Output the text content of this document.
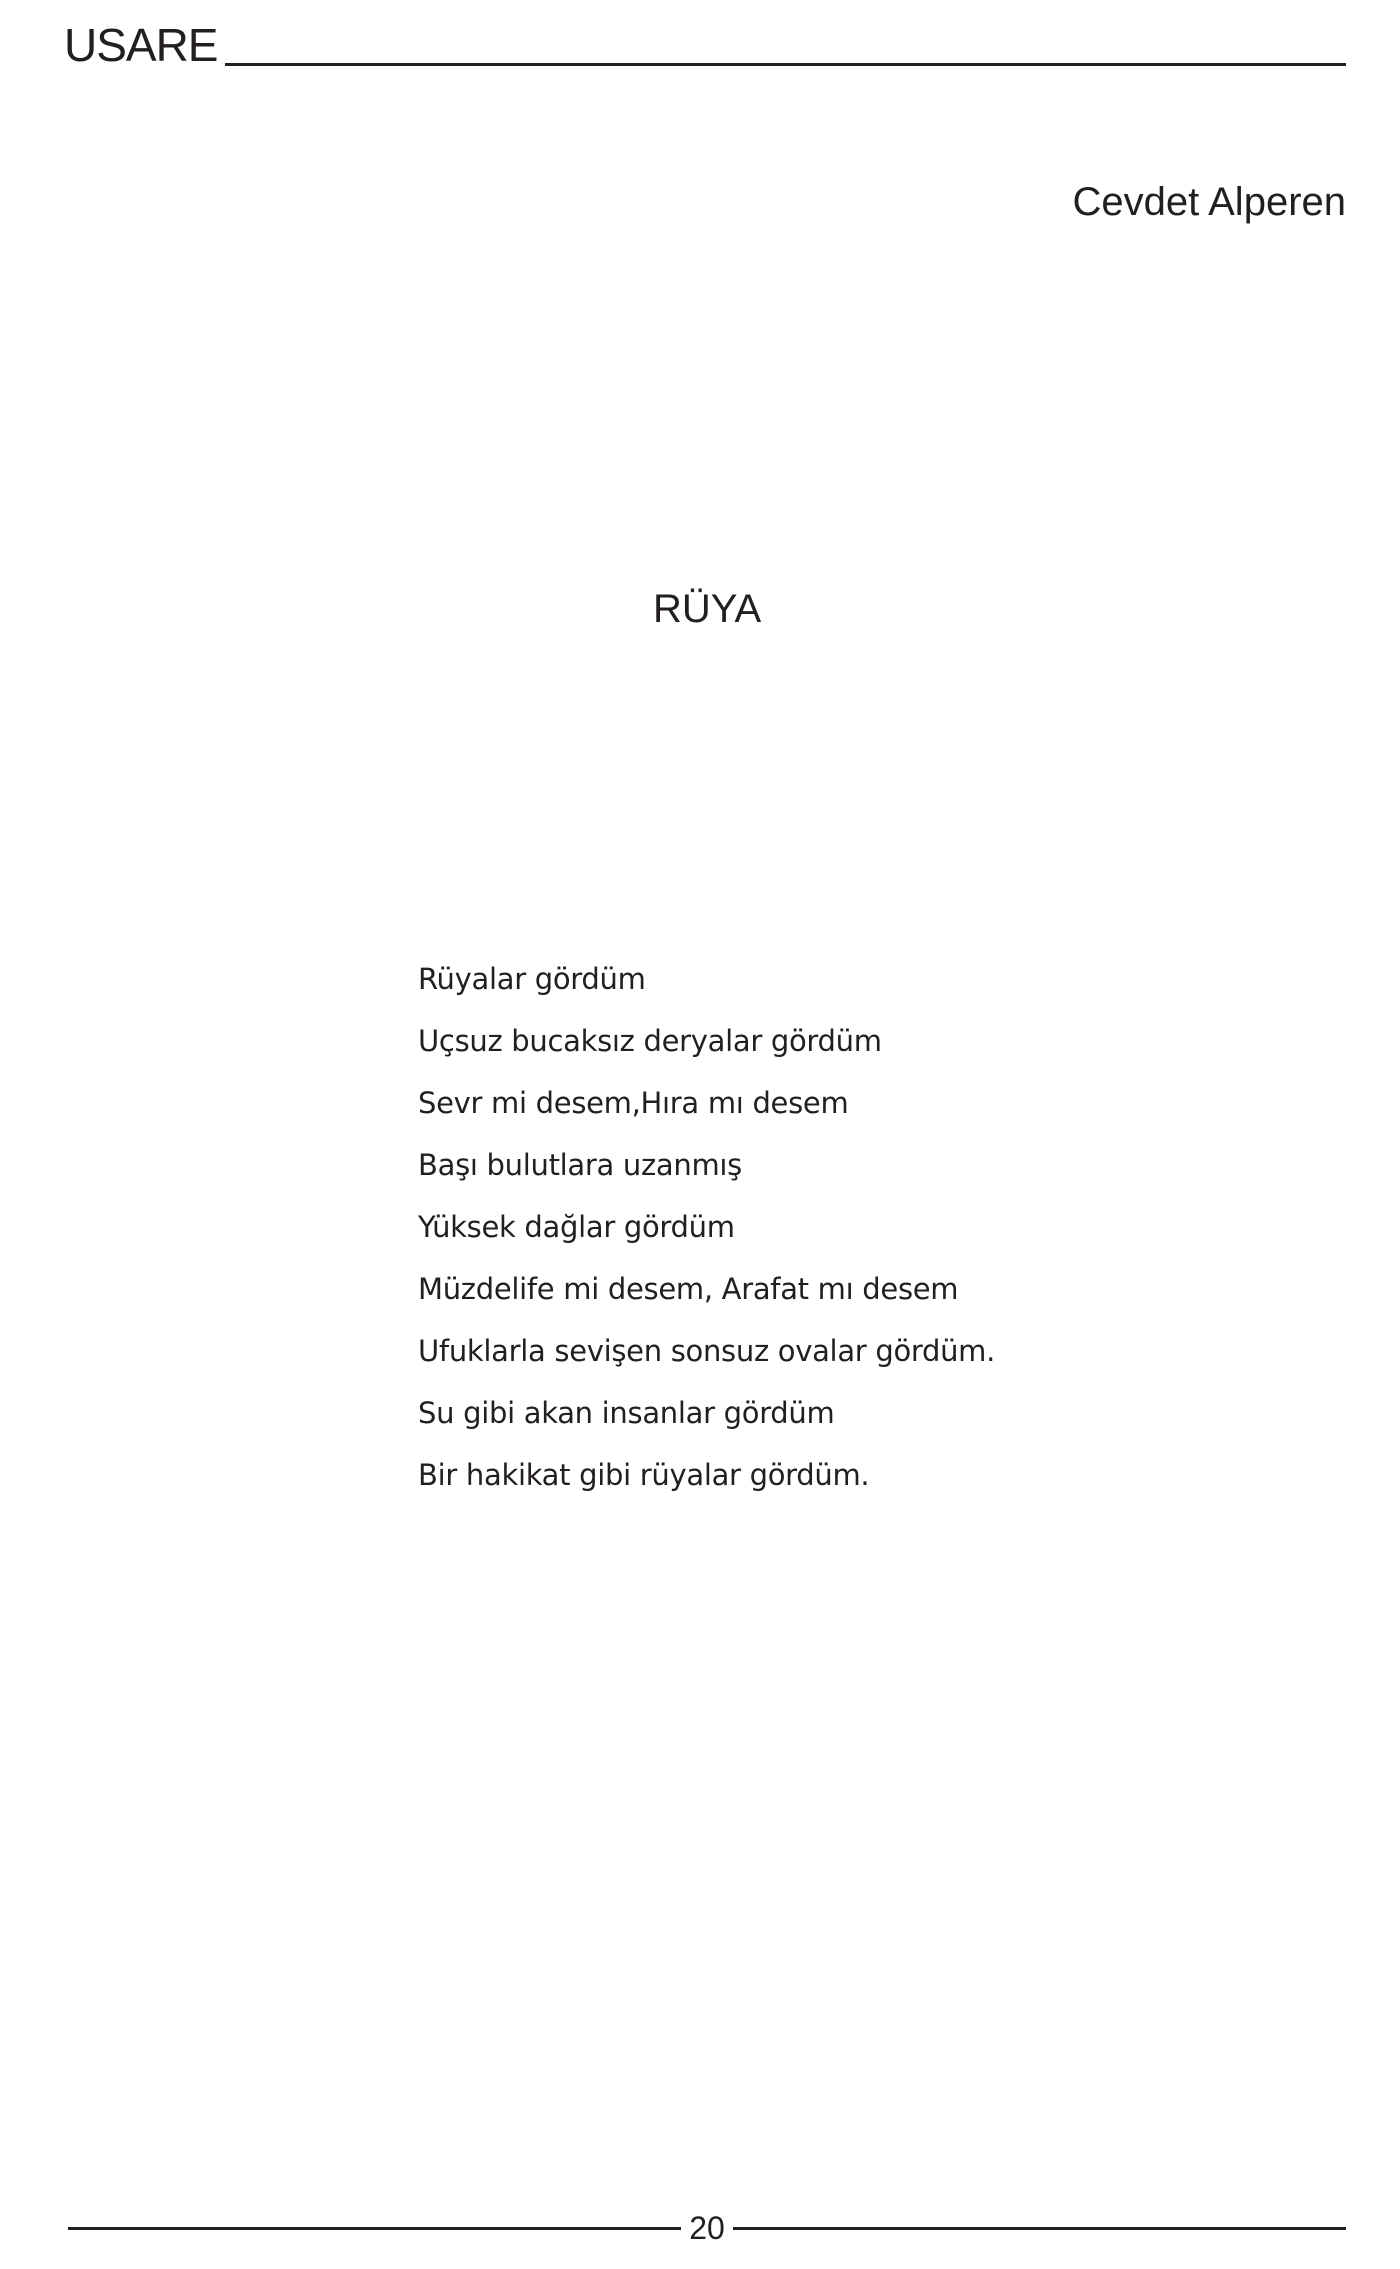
USARE
Cevdet Alperen
RÜYA
Rüyalar gördüm
Uçsuz bucaksız deryalar gördüm
Sevr mi desem,Hıra mı desem
Başı bulutlara uzanmış
Yüksek dağlar gördüm
Müzdelife mi desem, Arafat mı desem
Ufuklarla sevişen sonsuz ovalar gördüm.
Su gibi akan insanlar gördüm
Bir hakikat gibi rüyalar gördüm.
20
